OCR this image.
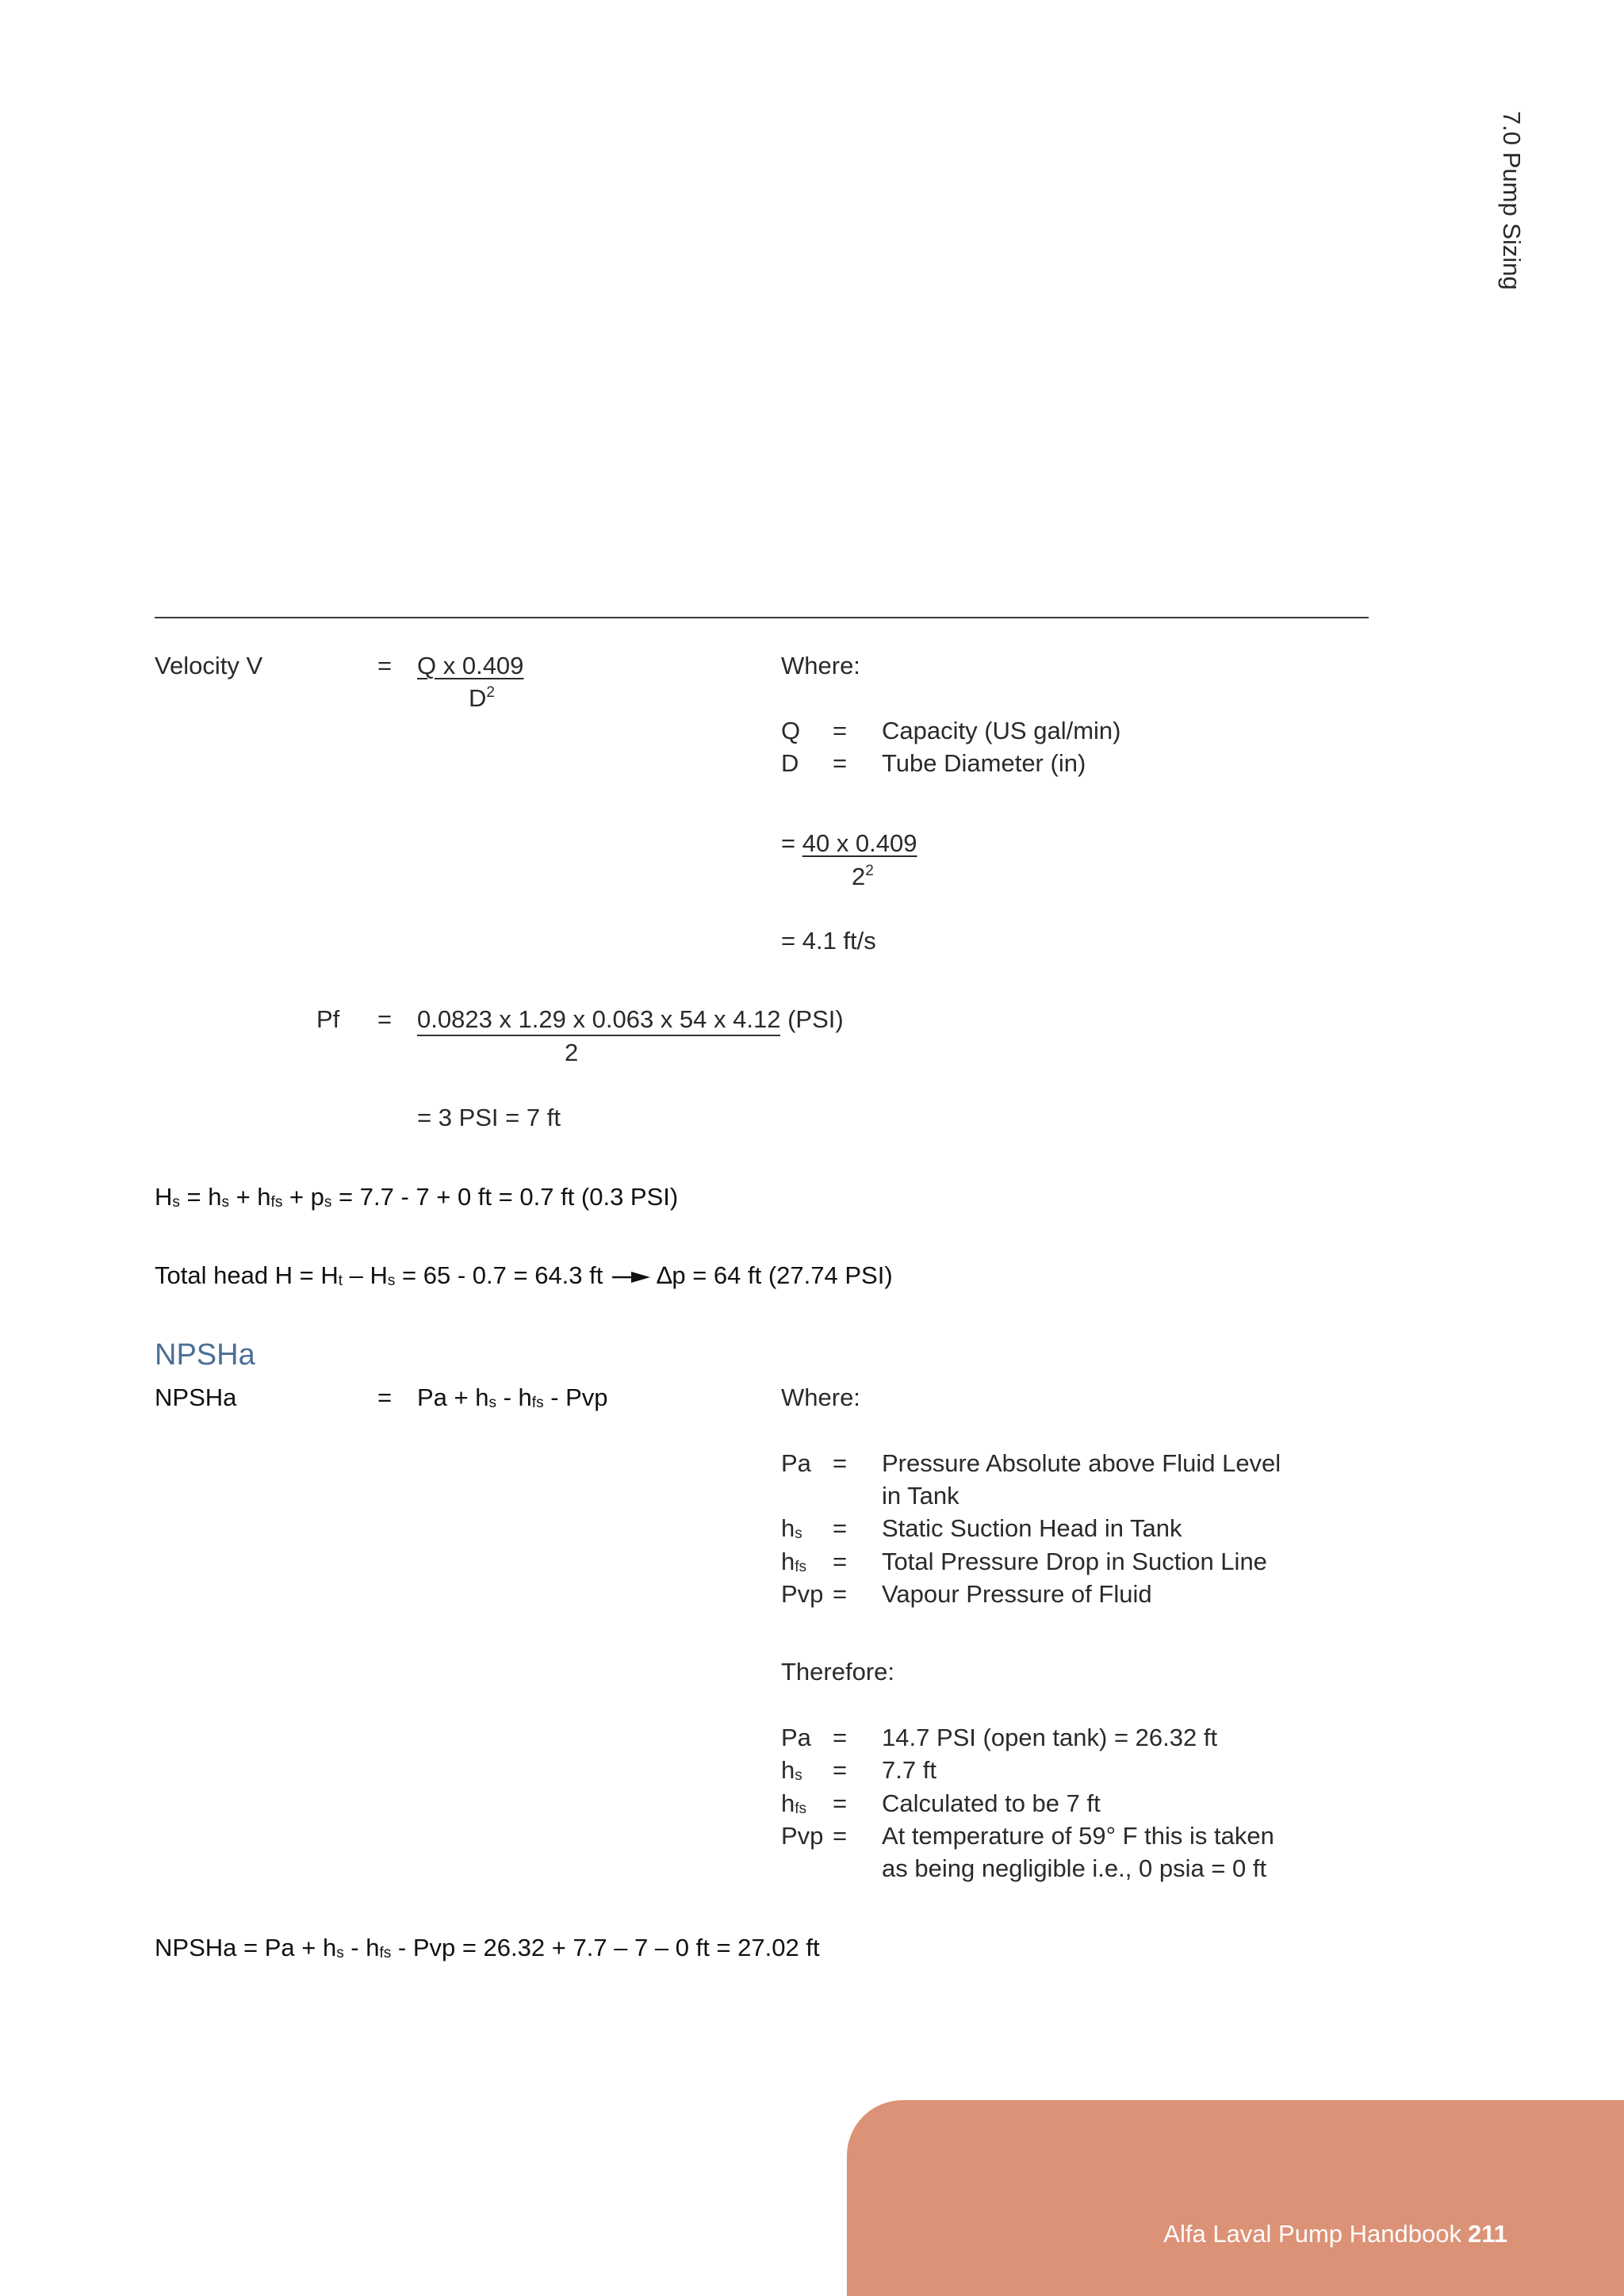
7.0 Pump Sizing
Velocity V	= Q x 0.409
$D^2$
Where:
Q = Capacity (US gal/min)
D = Tube Diameter (in)
= 40 x 0.409
$2^2$
= 4.1 ft/s
Pf = 0.0823 x 1.29 x 0.063 x 54 x 4.12 (PSI)
2
= 3 PSI = 7 ft
$H_s = h_s + h_{fs} + p_s = 7.7 - 7 + 0$ ft = 0.7 ft (0.3 PSI)
Total head $H = H_t - H_s = 65 - 0.7 = 64.3$ ft ∆p = 64 ft (27.74 PSI)
NPSHa
NPSHa	= $Pa + h_s - h_{fs}$ - Pvp	Where:
Pa = Pressure Absolute above Fluid Level
in Tank
$h_s$ = Static Suction Head in Tank
$h_{fs}$ = Total Pressure Drop in Suction Line
Pvp = Vapour Pressure of Fluid
Therefore:
Pa = 14.7 PSI (open tank) = 26.32 ft
$h_s = 7.7$ ft
$h_{fs}$ = Calculated to be 7 ft
Pvp = At temperature of 59° F this is taken
as being negligible i.e., 0 psia = 0 ft
NPSHa = $Pa + h_s - h_{fs}$ - Pvp = 26.32 + 7.7 – 7 – 0 ft = 27.02 ft
Alfa Laval Pump Handbook 211
